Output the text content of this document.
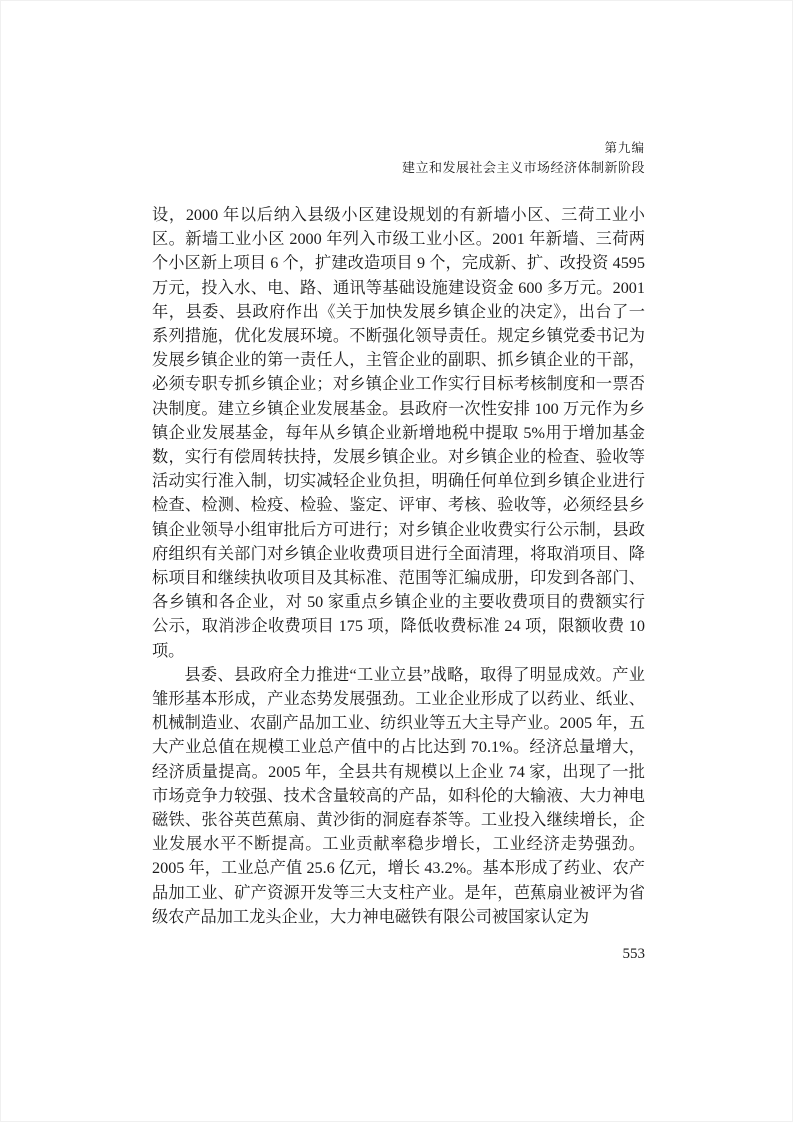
第九编
建立和发展社会主义市场经济体制新阶段

设，2000 年以后纳入县级小区建设规划的有新墙小区、三荷工业小区。新墙工业小区 2000 年列入市级工业小区。2001 年新墙、三荷两个小区新上项目 6 个，扩建改造项目 9 个，完成新、扩、改投资 4595 万元，投入水、电、路、通讯等基础设施建设资金 600 多万元。2001 年，县委、县政府作出《关于加快发展乡镇企业的决定》，出台了一系列措施，优化发展环境。不断强化领导责任。规定乡镇党委书记为发展乡镇企业的第一责任人，主管企业的副职、抓乡镇企业的干部，必须专职专抓乡镇企业；对乡镇企业工作实行目标考核制度和一票否决制度。建立乡镇企业发展基金。县政府一次性安排 100 万元作为乡镇企业发展基金，每年从乡镇企业新增地税中提取 5%用于增加基金数，实行有偿周转扶持，发展乡镇企业。对乡镇企业的检查、验收等活动实行准入制，切实减轻企业负担，明确任何单位到乡镇企业进行检查、检测、检疫、检验、鉴定、评审、考核、验收等，必须经县乡镇企业领导小组审批后方可进行；对乡镇企业收费实行公示制，县政府组织有关部门对乡镇企业收费项目进行全面清理，将取消项目、降标项目和继续执收项目及其标准、范围等汇编成册，印发到各部门、各乡镇和各企业，对 50 家重点乡镇企业的主要收费项目的费额实行公示，取消涉企收费项目 175 项，降低收费标准 24 项，限额收费 10 项。

县委、县政府全力推进“工业立县”战略，取得了明显成效。产业雏形基本形成，产业态势发展强劲。工业企业形成了以药业、纸业、机械制造业、农副产品加工业、纺织业等五大主导产业。2005 年，五大产业总值在规模工业总产值中的占比达到 70.1%。经济总量增大，经济质量提高。2005 年，全县共有规模以上企业 74 家，出现了一批市场竞争力较强、技术含量较高的产品，如科伦的大输液、大力神电磁铁、张谷英芭蕉扇、黄沙街的洞庭春茶等。工业投入继续增长，企业发展水平不断提高。工业贡献率稳步增长，工业经济走势强劲。2005 年，工业总产值 25.6 亿元，增长 43.2%。基本形成了药业、农产品加工业、矿产资源开发等三大支柱产业。是年，芭蕉扇业被评为省级农产品加工龙头企业，大力神电磁铁有限公司被国家认定为

553
